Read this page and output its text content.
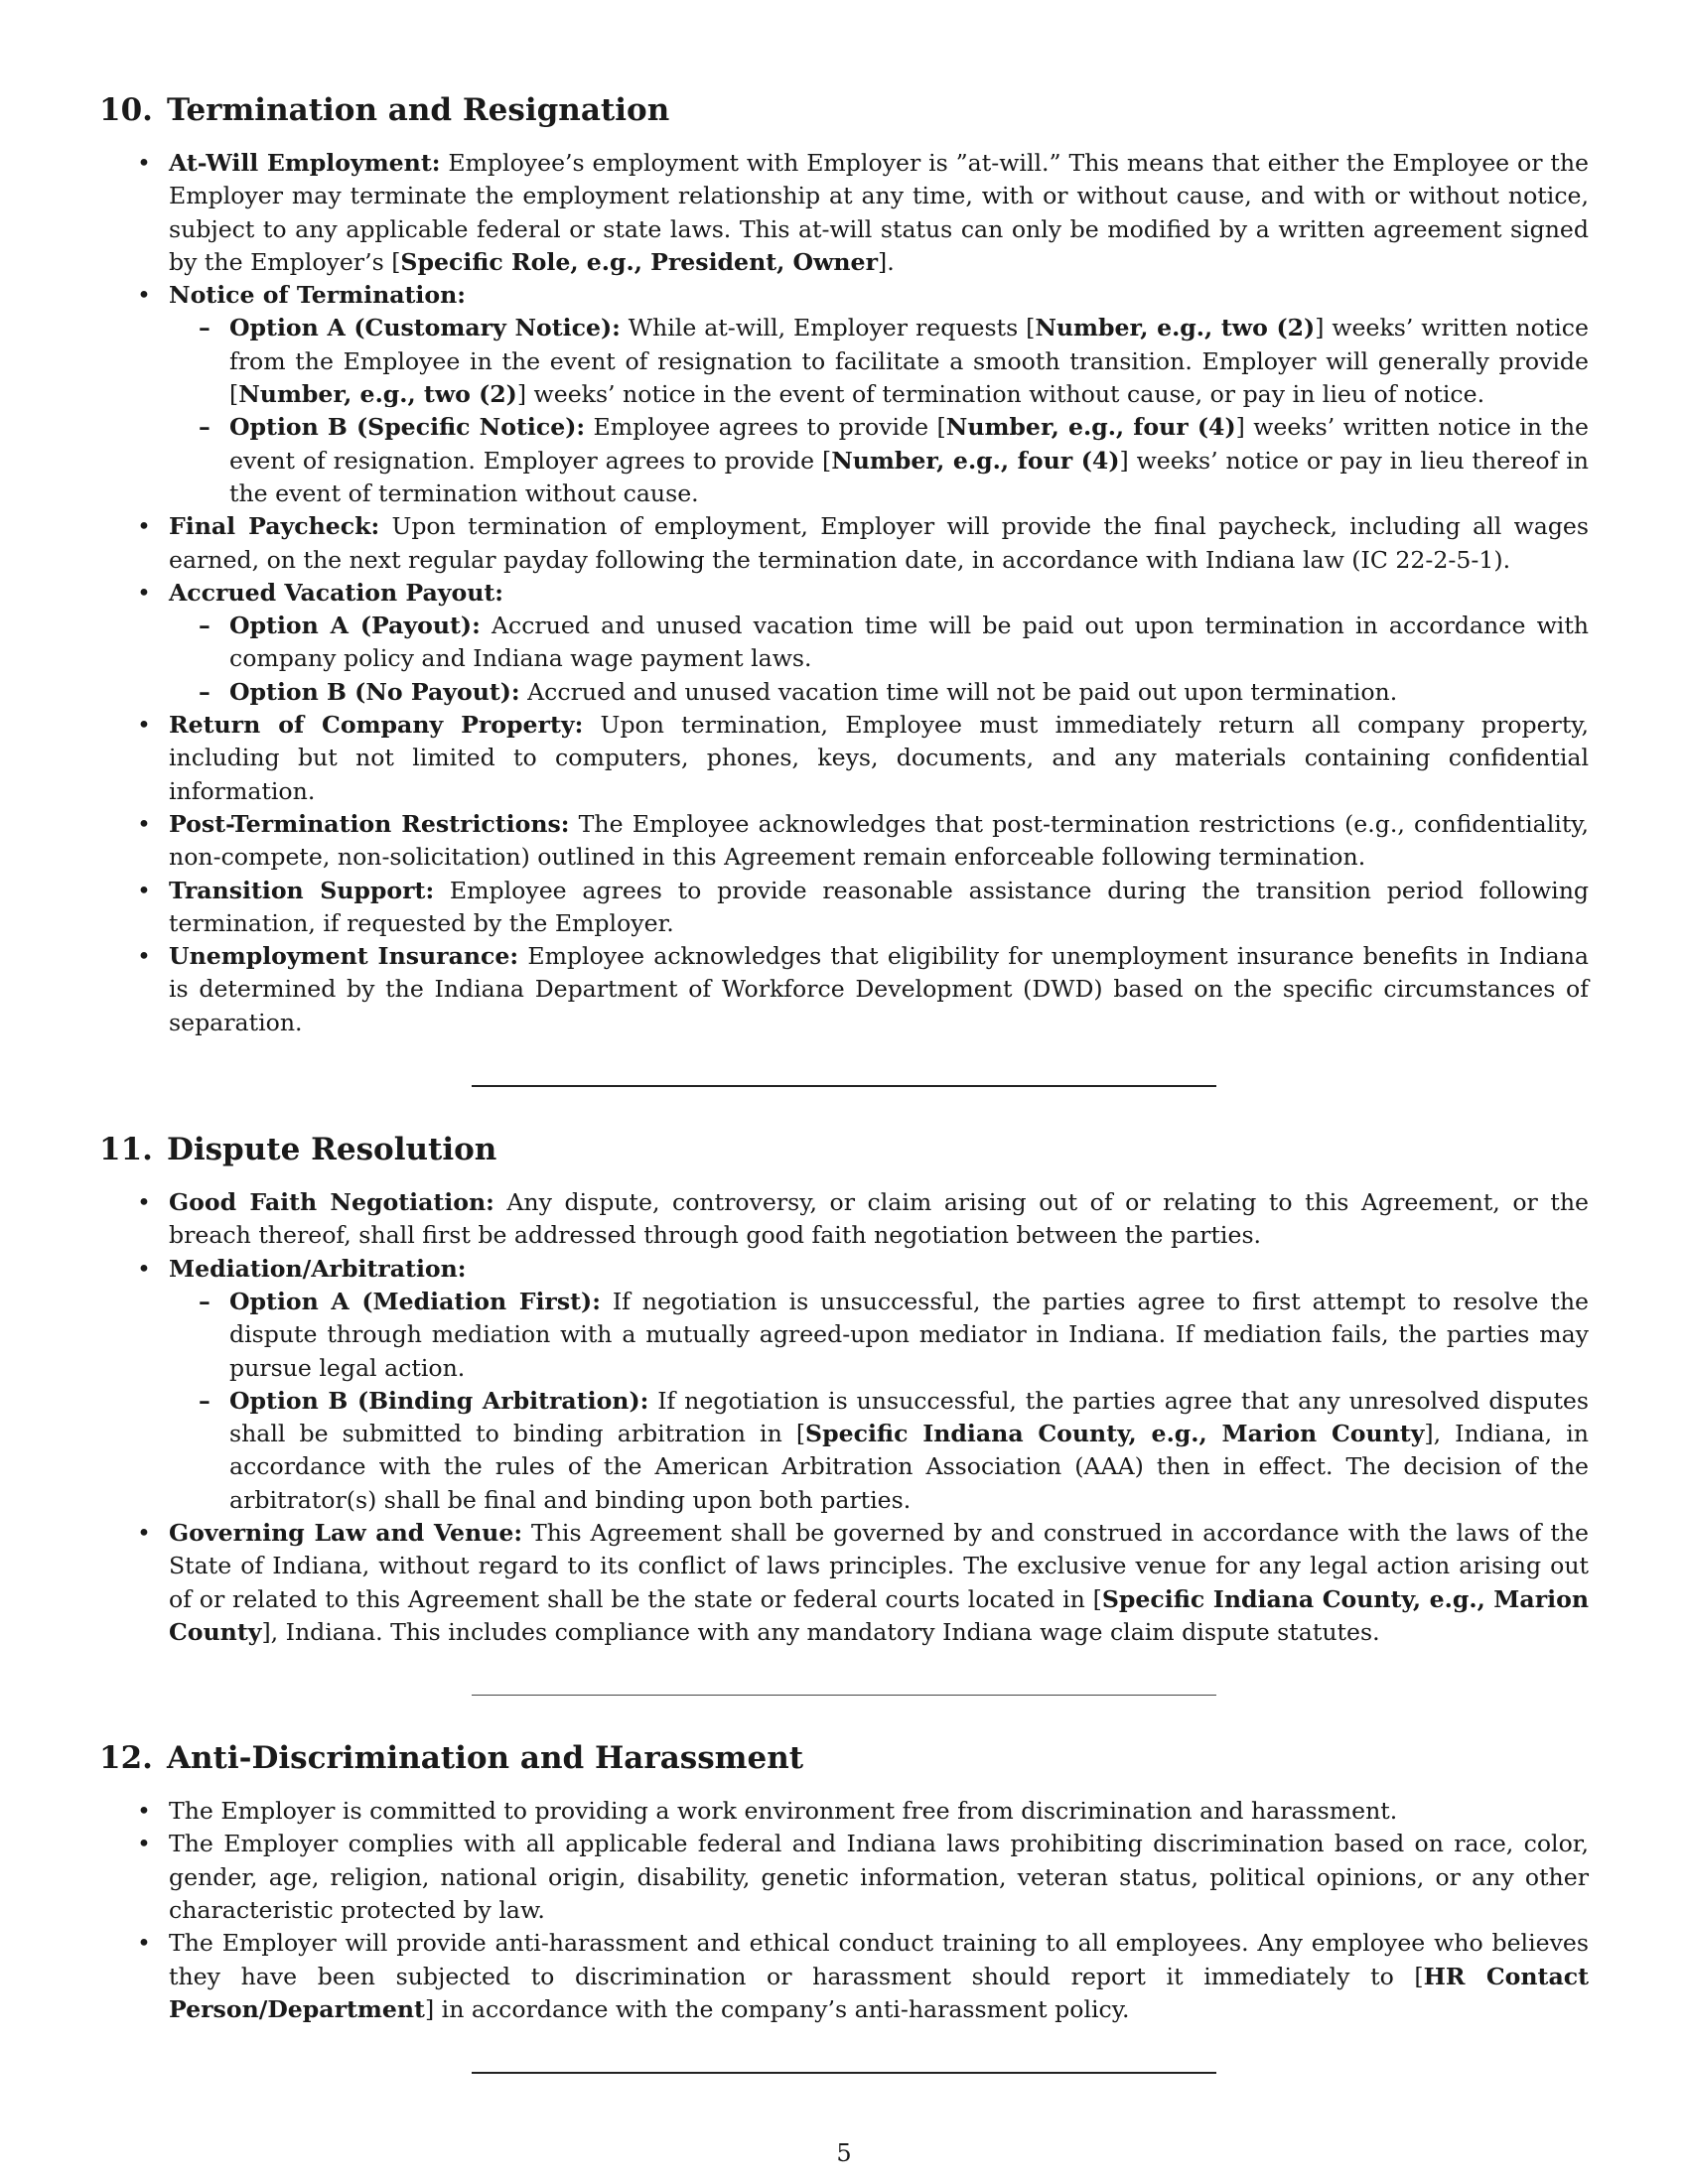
10. Termination and Resignation
• At-Will Employment: Employee’s employment with Employer is ”at-will.” This means that either the Employee or the Employer may terminate the employment relationship at any time, with or without cause, and with or without notice, subject to any applicable federal or state laws. This at-will status can only be modified by a written agreement signed by the Employer’s [Specific Role, e.g., President, Owner].
• Notice of Termination:
– Option A (Customary Notice): While at-will, Employer requests [Number, e.g., two (2)] weeks’ written notice from the Employee in the event of resignation to facilitate a smooth transition. Employer will generally provide [Number, e.g., two (2)] weeks’ notice in the event of termination without cause, or pay in lieu of notice.
– Option B (Specific Notice): Employee agrees to provide [Number, e.g., four (4)] weeks’ written notice in the event of resignation. Employer agrees to provide [Number, e.g., four (4)] weeks’ notice or pay in lieu thereof in the event of termination without cause.
• Final Paycheck: Upon termination of employment, Employer will provide the final paycheck, including all wages earned, on the next regular payday following the termination date, in accordance with Indiana law (IC 22-2-5-1).
• Accrued Vacation Payout:
– Option A (Payout): Accrued and unused vacation time will be paid out upon termination in accordance with company policy and Indiana wage payment laws.
– Option B (No Payout): Accrued and unused vacation time will not be paid out upon termination.
• Return of Company Property: Upon termination, Employee must immediately return all company property, including but not limited to computers, phones, keys, documents, and any materials containing confidential information.
• Post-Termination Restrictions: The Employee acknowledges that post-termination restrictions (e.g., confidentiality, non-compete, non-solicitation) outlined in this Agreement remain enforceable following termination.
• Transition Support: Employee agrees to provide reasonable assistance during the transition period following termination, if requested by the Employer.
• Unemployment Insurance: Employee acknowledges that eligibility for unemployment insurance benefits in Indiana is determined by the Indiana Department of Workforce Development (DWD) based on the specific circumstances of separation.
11. Dispute Resolution
• Good Faith Negotiation: Any dispute, controversy, or claim arising out of or relating to this Agreement, or the breach thereof, shall first be addressed through good faith negotiation between the parties.
• Mediation/Arbitration:
– Option A (Mediation First): If negotiation is unsuccessful, the parties agree to first attempt to resolve the dispute through mediation with a mutually agreed-upon mediator in Indiana. If mediation fails, the parties may pursue legal action.
– Option B (Binding Arbitration): If negotiation is unsuccessful, the parties agree that any unresolved disputes shall be submitted to binding arbitration in [Specific Indiana County, e.g., Marion County], Indiana, in accordance with the rules of the American Arbitration Association (AAA) then in effect. The decision of the arbitrator(s) shall be final and binding upon both parties.
• Governing Law and Venue: This Agreement shall be governed by and construed in accordance with the laws of the State of Indiana, without regard to its conflict of laws principles. The exclusive venue for any legal action arising out of or related to this Agreement shall be the state or federal courts located in [Specific Indiana County, e.g., Marion County], Indiana. This includes compliance with any mandatory Indiana wage claim dispute statutes.
12. Anti-Discrimination and Harassment
• The Employer is committed to providing a work environment free from discrimination and harassment.
• The Employer complies with all applicable federal and Indiana laws prohibiting discrimination based on race, color, gender, age, religion, national origin, disability, genetic information, veteran status, political opinions, or any other characteristic protected by law.
• The Employer will provide anti-harassment and ethical conduct training to all employees. Any employee who believes they have been subjected to discrimination or harassment should report it immediately to [HR Contact Person/Department] in accordance with the company’s anti-harassment policy.
5
